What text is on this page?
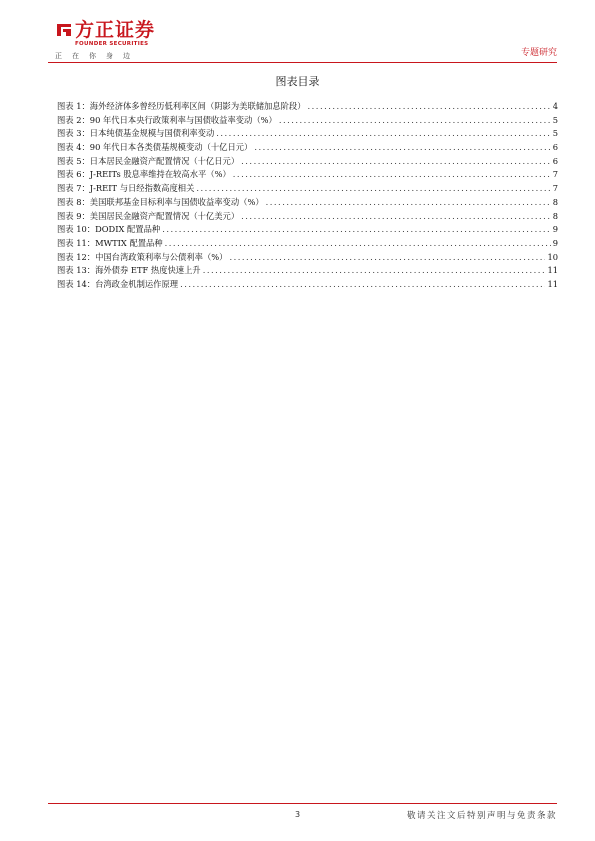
方正证券
FOUNDER SECURITIES
正在你身边	专题研究
图表目录
图表 1：海外经济体多曾经历低利率区间（阴影为美联储加息阶段） .....	4
图表 2：90 年代日本央行政策利率与国债收益率变动（%） .....	5
图表 3：日本纯债基金规模与国债利率变动 .....	5
图表 4：90 年代日本各类债基规模变动（十亿日元） .....	6
图表 5：日本居民金融资产配置情况（十亿日元） .....	6
图表 6：J-REITs 股息率维持在较高水平（%） .....	7
图表 7：J-REIT 与日经指数高度相关 .....	7
图表 8：美国联邦基金目标利率与国债收益率变动（%） .....	8
图表 9：美国居民金融资产配置情况（十亿美元） .....	8
图表 10：DODIX 配置品种 .....	9
图表 11：MWTIX 配置品种 .....	9
图表 12：中国台湾政策利率与公债利率（%） .....	10
图表 13：海外债券 ETF 热度快速上升 .....	11
图表 14：台湾政金机制运作原理 .....	11
3	敬请关注文后特别声明与免责条款
